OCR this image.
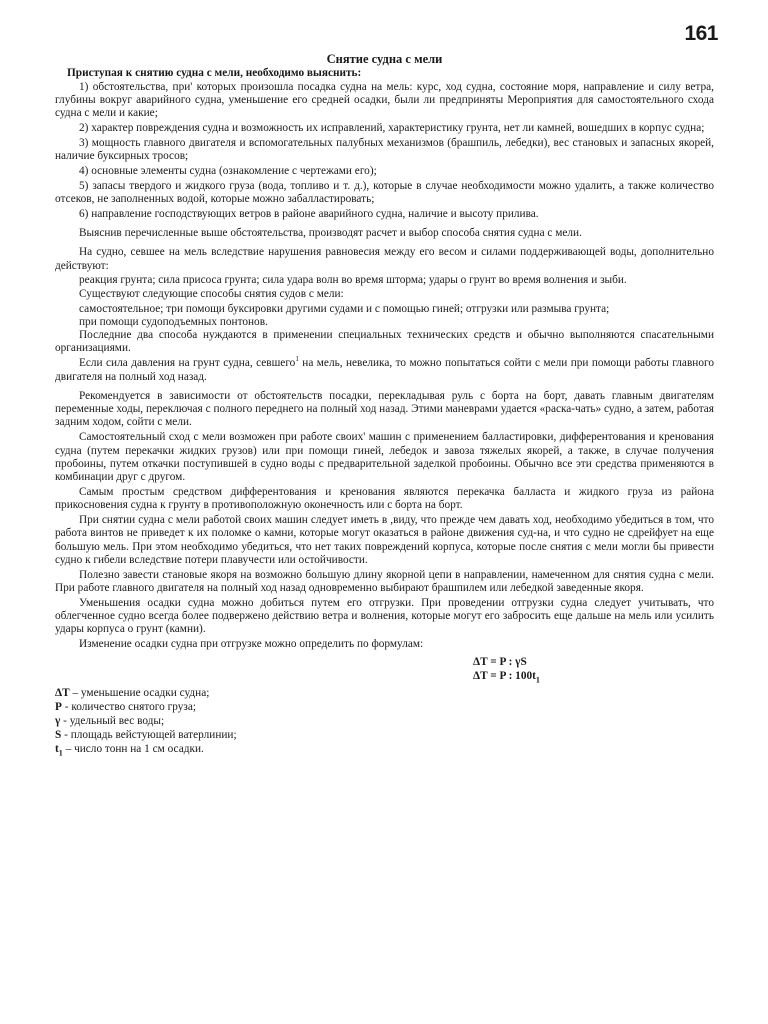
161
Снятие судна с мели
Приступая к снятию судна с мели, необходимо выяснить:

1) обстоятельства, при' которых произошла посадка судна на мель: курс, ход судна, состояние моря, направление и силу ветра, глубины вокруг аварийного судна, уменьшение его средней осадки, были ли предприняты Мероприятия для самостоятельного схода судна с мели и какие;

2) характер повреждения судна и возможность их исправлений, характеристику грунта, нет ли камней, вошедших в корпус судна;

3) мощность главного двигателя и вспомогательных палубных механизмов (брашпиль, лебедки), вес становых и запасных якорей, наличие буксирных тросов;

4) основные элементы судна (ознакомление с чертежами его);

5) запасы твердого и жидкого груза (вода, топливо и т. д.), которые в случае необходимости можно удалить, а также количество отсеков, не заполненных водой, которые можно забалластировать;

6) направление господствующих ветров в районе аварийного судна, наличие и высоту прилива.

Выяснив перечисленные выше обстоятельства, производят расчет и выбор способа снятия судна с мели.

На судно, севшее на мель вследствие нарушения равновесия между его весом и силами поддерживающей воды, дополнительно действуют:

реакция грунта; сила присоса грунта; сила удара волн во время шторма; удары о грунт во время волнения и зыби.

Существуют следующие способы снятия судов с мели:

самостоятельное; три помощи буксировки другими судами и с помощью гиней; отгрузки или размыва грунта;
при помощи судоподъемных понтонов.

Последние два способа нуждаются в применении специальных технических средств и обычно выполняются спасательными организациями.

Если сила давления на грунт судна, севшего$^1$ на мель, невелика, то можно попытаться сойти с мели при помощи работы главного двигателя на полный ход назад.

Рекомендуется в зависимости от обстоятельств посадки, перекладывая руль с борта на борт, давать главным двигателям переменные ходы, переключая с полного переднего на полный ход назад. Этими маневрами удается «раска-чать» судно, а затем, работая задним ходом, сойти с мели.

Самостоятельный сход с мели возможен при работе своих' машин с применением балластировки, дифферентования и кренования судна (путем перекачки жидких грузов) или при помощи гиней, лебедок и завоза тяжелых якорей, а также, в случае получения пробоины, путем откачки поступившей в судно воды с предварительной заделкой пробоины. Обычно все эти средства применяются в комбинации друг с другом.

Самым простым средством дифферентования и кренования являются перекачка балласта и жидкого груза из района прикосновения судна к грунту в противоположную оконечность или с борта на борт.

При снятии судна с мели работой своих машин следует иметь в ,виду, что прежде чем давать ход, необходимо убедиться в том, что работа винтов не приведет к их поломке о камни, которые могут оказаться в районе движения суд-на, и что судно не сдрейфует на еще большую мель. При этом необходимо убедиться, что нет таких повреждений корпуса, которые после снятия с мели могли бы привести судно к гибели вследствие потери плавучести или остойчивости.

Полезно завести становые якоря на возможно большую длину якорной цепи в направлении, намеченном для снятия судна с мели. При работе главного двигателя на полный ход назад одновременно выбирают брашпилем или лебедкой заведенные якоря.

Уменьшения осадки судна можно добиться путем его отгрузки. При проведении отгрузки судна следует учитывать, что облегченное судно всегда более подвержено действию ветра и волнения, которые могут его забросить еще дальше на мель или усилить удары корпуса о грунт (камни).

Изменение осадки судна при отгрузке можно определить по формулам:

ΔT = P : γS
ΔT = P : $100t_1$
ΔT – уменьшение осадки судна;
P - количество снятого груза;
γ - удельный вес воды;
S - площадь вейстующей ватерлинии;
$t_1$ – число тонн на 1 см осадки.
